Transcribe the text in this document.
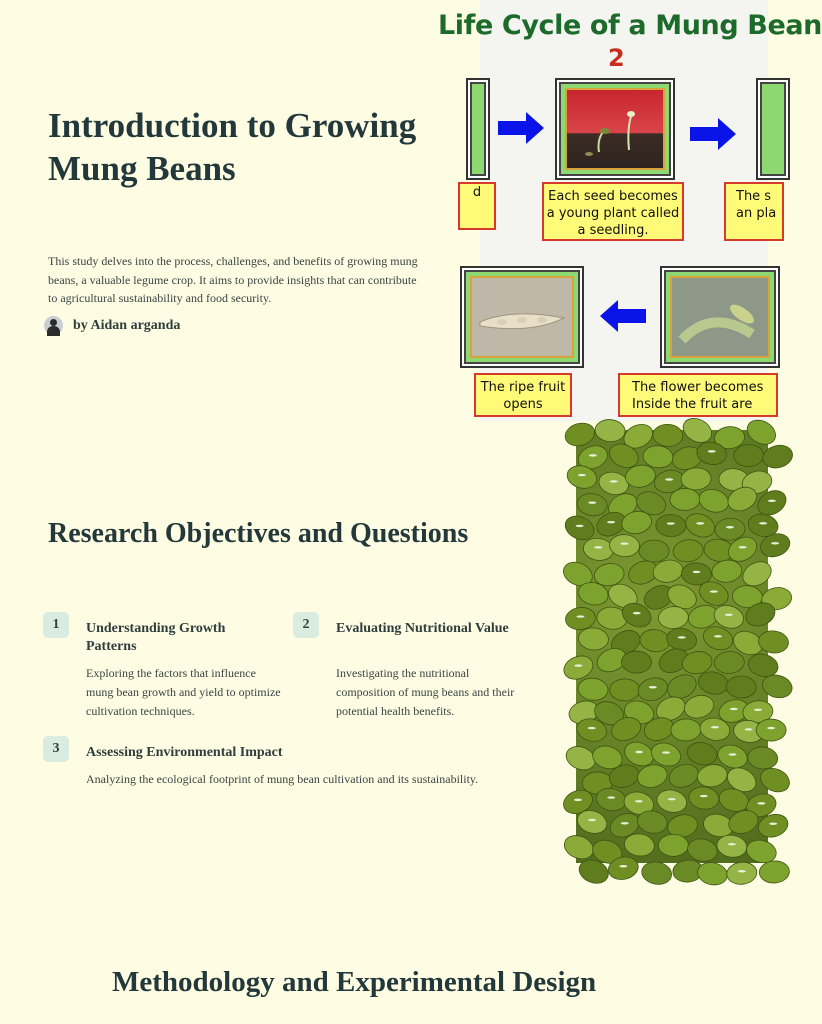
Introduction to Growing Mung Beans

This study delves into the process, challenges, and benefits of growing mung beans, a valuable legume crop. It aims to provide insights that can contribute to agricultural sustainability and food security.

by Aidan arganda
Life Cycle of a Mung Bean
2
d	Each seed becomes a young plant called a seedling.
The s an pla
The ripe fruit opens
The flower becomes Inside the fruit are
Research Objectives and Questions
1	Understanding Growth Patterns
Exploring the factors that influence mung bean growth and yield to optimize cultivation techniques.
2	Evaluating Nutritional Value
Investigating the nutritional composition of mung beans and their potential health benefits.
3	Assessing Environmental Impact
Analyzing the ecological footprint of mung bean cultivation and its sustainability.
Methodology and Experimental Design
